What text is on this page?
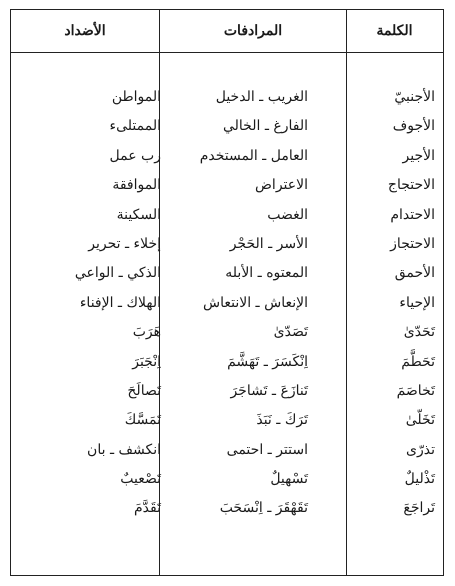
الكلمة
المرادفات
الأضداد
الأجنبيّ
الغريب ـ الدخيل
المواطن
الأجوف
الفارغ ـ الخالي
الممتلىء
الأجير
العامل ـ المستخدم
رب عمل
الاحتجاج
الاعتراض
الموافقة
الاحتدام
الغضب
السكينة
الاحتجاز
الأسر ـ الحَجْر
إخلاء ـ تحرير
الأحمق
المعتوه ـ الأبله
الذكي ـ الواعي
الإحياء
الإنعاش ـ الانتعاش
الهلاك ـ الإفناء
تَحَدّىٰ
تَصَدّىٰ
هَرَبَ
تَحَطَّمَ
اِنْكَسَرَ ـ تَهَشَّمَ
اِنْجَبَرَ
تَخاصَمَ
تَنازَعَ ـ تَشاجَرَ
تَصالَحَ
تَخَلّىٰ
تَرَكَ ـ نَبَذَ
تَمَسَّكَ
تذرّى
استتر ـ احتمى
انكشف ـ بان
تَذْليلٌ
تَسْهيلٌ
تَصْعيبٌ
تَراجَعَ
تَقَهْقَرَ ـ اِنْسَحَبَ
تَقَدَّمَ
